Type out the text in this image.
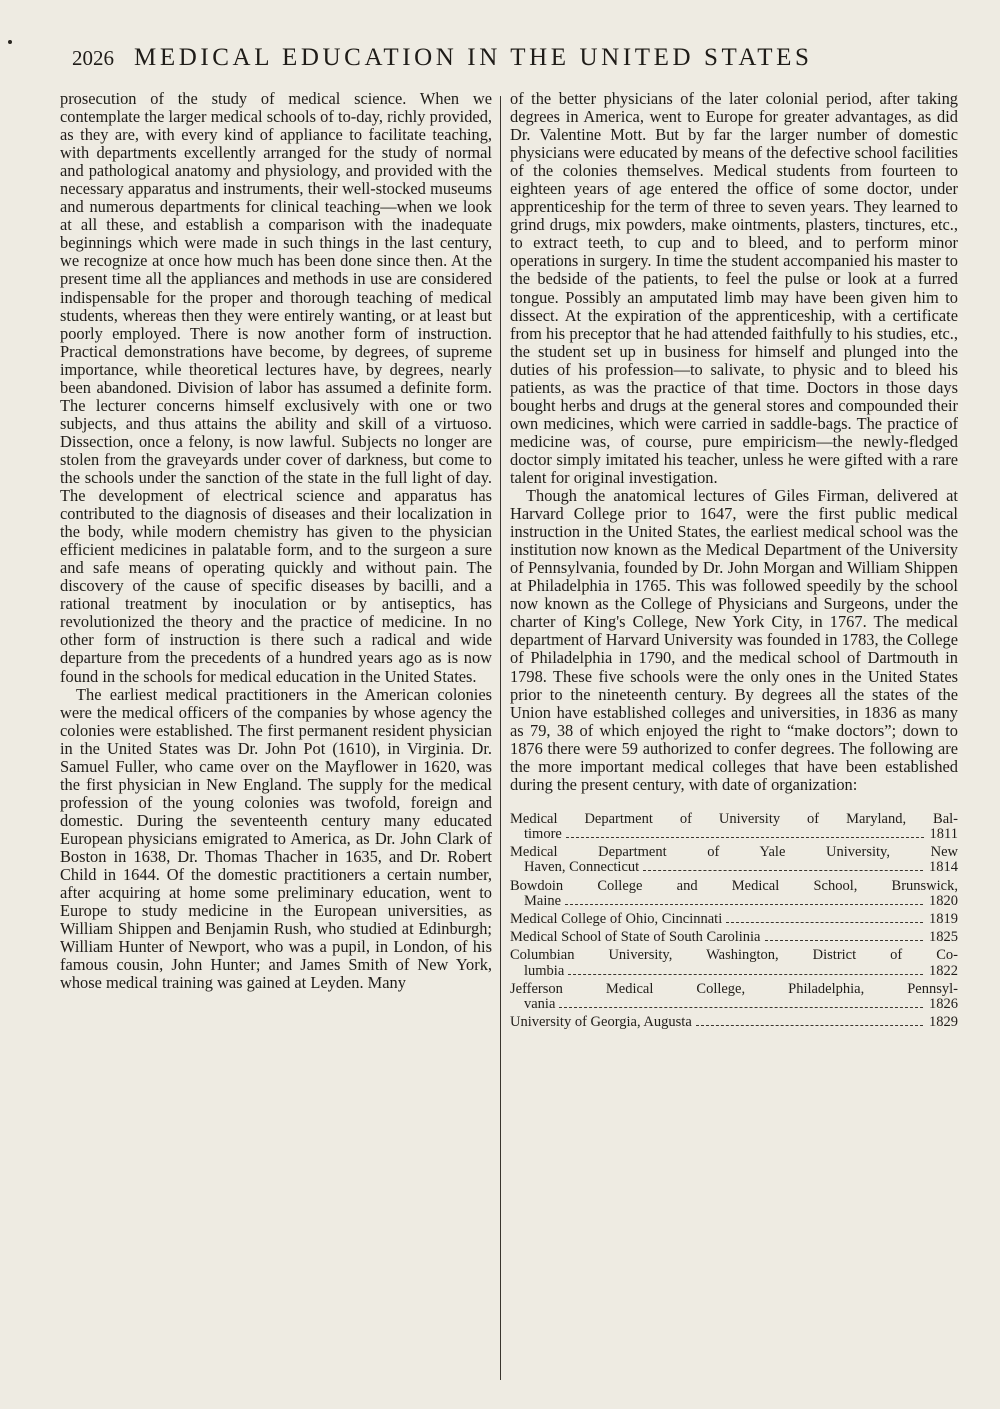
2026 MEDICAL EDUCATION IN THE UNITED STATES

prosecution of the study of medical science. When we contemplate the larger medical schools of to-day, richly provided, as they are, with every kind of appliance to facilitate teaching, with departments excellently arranged for the study of normal and pathological anatomy and physiology, and provided with the necessary apparatus and instruments, their well-stocked museums and numerous departments for clinical teaching—when we look at all these, and establish a comparison with the inadequate beginnings which were made in such things in the last century, we recognize at once how much has been done since then. At the present time all the appliances and methods in use are considered indispensable for the proper and thorough teaching of medical students, whereas then they were entirely wanting, or at least but poorly employed. There is now another form of instruction. Practical demonstrations have become, by degrees, of supreme importance, while theoretical lectures have, by degrees, nearly been abandoned. Division of labor has assumed a definite form. The lecturer concerns himself exclusively with one or two subjects, and thus attains the ability and skill of a virtuoso. Dissection, once a felony, is now lawful. Subjects no longer are stolen from the graveyards under cover of darkness, but come to the schools under the sanction of the state in the full light of day. The development of electrical science and apparatus has contributed to the diagnosis of diseases and their localization in the body, while modern chemistry has given to the physician efficient medicines in palatable form, and to the surgeon a sure and safe means of operating quickly and without pain. The discovery of the cause of specific diseases by bacilli, and a rational treatment by inoculation or by antiseptics, has revolutionized the theory and the practice of medicine. In no other form of instruction is there such a radical and wide departure from the precedents of a hundred years ago as is now found in the schools for medical education in the United States.

The earliest medical practitioners in the American colonies were the medical officers of the companies by whose agency the colonies were established. The first permanent resident physician in the United States was Dr. John Pot (1610), in Virginia. Dr. Samuel Fuller, who came over on the Mayflower in 1620, was the first physician in New England. The supply for the medical profession of the young colonies was twofold, foreign and domestic. During the seventeenth century many educated European physicians emigrated to America, as Dr. John Clark of Boston in 1638, Dr. Thomas Thacher in 1635, and Dr. Robert Child in 1644. Of the domestic practitioners a certain number, after acquiring at home some preliminary education, went to Europe to study medicine in the European universities, as William Shippen and Benjamin Rush, who studied at Edinburgh; William Hunter of Newport, who was a pupil, in London, of his famous cousin, John Hunter; and James Smith of New York, whose medical training was gained at Leyden. Many

of the better physicians of the later colonial period, after taking degrees in America, went to Europe for greater advantages, as did Dr. Valentine Mott. But by far the larger number of domestic physicians were educated by means of the defective school facilities of the colonies themselves. Medical students from fourteen to eighteen years of age entered the office of some doctor, under apprenticeship for the term of three to seven years. They learned to grind drugs, mix powders, make ointments, plasters, tinctures, etc., to extract teeth, to cup and to bleed, and to perform minor operations in surgery. In time the student accompanied his master to the bedside of the patients, to feel the pulse or look at a furred tongue. Possibly an amputated limb may have been given him to dissect. At the expiration of the apprenticeship, with a certificate from his preceptor that he had attended faithfully to his studies, etc., the student set up in business for himself and plunged into the duties of his profession—to salivate, to physic and to bleed his patients, as was the practice of that time. Doctors in those days bought herbs and drugs at the general stores and compounded their own medicines, which were carried in saddle-bags. The practice of medicine was, of course, pure empiricism—the newly-fledged doctor simply imitated his teacher, unless he were gifted with a rare talent for original investigation.

Though the anatomical lectures of Giles Firman, delivered at Harvard College prior to 1647, were the first public medical instruction in the United States, the earliest medical school was the institution now known as the Medical Department of the University of Pennsylvania, founded by Dr. John Morgan and William Shippen at Philadelphia in 1765. This was followed speedily by the school now known as the College of Physicians and Surgeons, under the charter of King's College, New York City, in 1767. The medical department of Harvard University was founded in 1783, the College of Philadelphia in 1790, and the medical school of Dartmouth in 1798. These five schools were the only ones in the United States prior to the nineteenth century. By degrees all the states of the Union have established colleges and universities, in 1836 as many as 79, 38 of which enjoyed the right to “make doctors”; down to 1876 there were 59 authorized to confer degrees. The following are the more important medical colleges that have been established during the present century, with date of organization:

Medical Department of University of Maryland, Bal-
timore	1811
Medical Department of Yale University, New
Haven, Connecticut	1814
Bowdoin College and Medical School, Brunswick,
Maine	1820
Medical College of Ohio, Cincinnati	1819
Medical School of State of South Carolinia	1825
Columbian University, Washington, District of Co-
lumbia	1822
Jefferson Medical College, Philadelphia, Pennsyl-
vania	1826
University of Georgia, Augusta	1829
